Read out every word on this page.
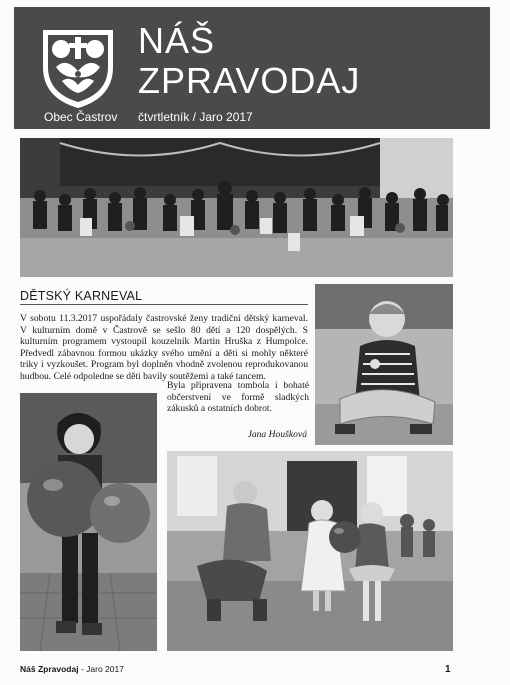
NÁŠ
ZPRAVODAJ
Obec Častrov čtvrtletník / Jaro 2017
DĚTSKÝ KARNEVAL
V sobotu 11.3.2017 uspořádaly častrovské ženy tradiční dětský karneval. V kulturním domě v Častrově se sešlo 80 dětí a 120 dospělých. S kulturním programem vystoupil kouzelník Martin Hruška z Humpolce. Předvedl zábavnou formou ukázky svého umění a děti si mohly některé triky i vyzkoušet. Program byl doplněn vhodně zvolenou reprodukovanou hudbou. Celé odpoledne se děti bavily soutěžemi a také tancem.
Byla připravena tombola i bohaté občerstvení ve formě sladkých zákusků a ostatních dobrot.
Jana Houšková
Náš Zpravodaj - Jaro 2017	1
